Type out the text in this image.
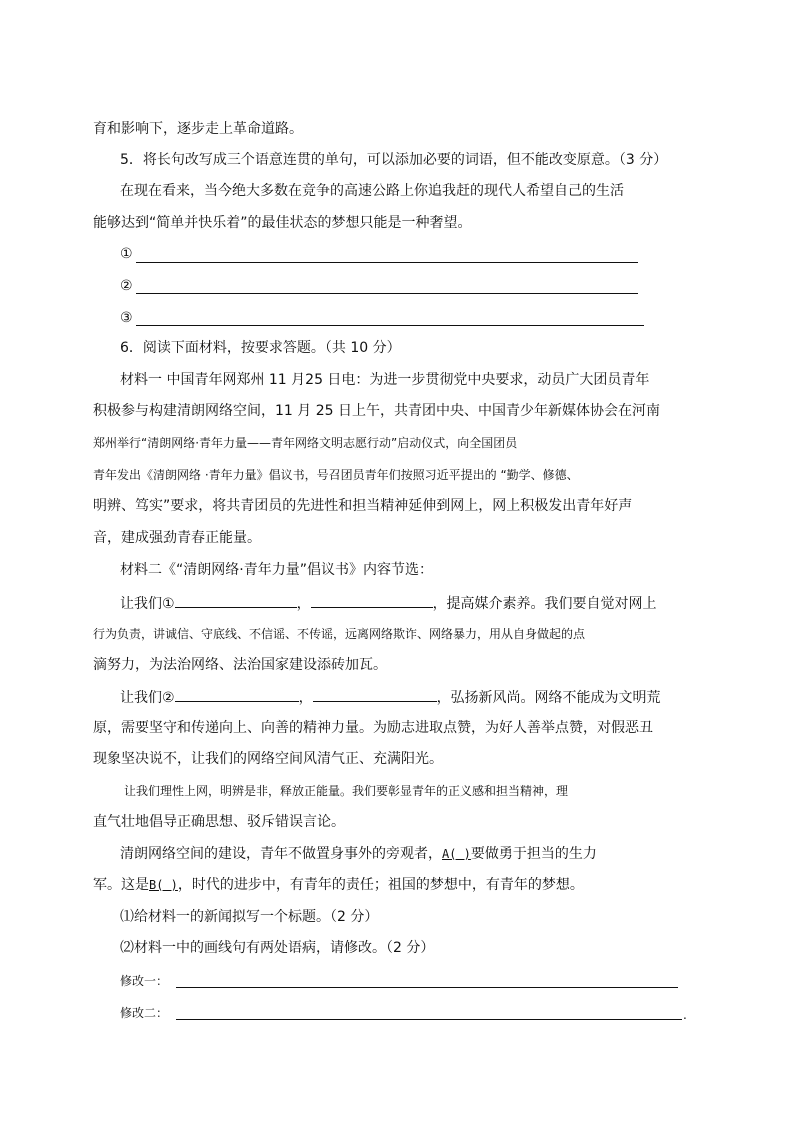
育和影响下，逐步走上革命道路。
5．将长句改写成三个语意连贯的单句，可以添加必要的词语，但不能改变原意。（3 分）
在现在看来，当今绝大多数在竞争的高速公路上你追我赶的现代人希望自己的生活
能够达到“简单并快乐着”的最佳状态的梦想只能是一种奢望。
①
②
③
6．阅读下面材料，按要求答题。（共 10 分）
材料一 中国青年网郑州 11 月25 日电：为进一步贯彻党中央要求，动员广大团员青年
积极参与构建清朗网络空间，11 月 25 日上午，共青团中央、中国青少年新媒体协会在河南
郑州举行“清朗网络·青年力量——青年网络文明志愿行动”启动仪式，向全国团员
青年发出《清朗网络 ·青年力量》倡议书，号召团员青年们按照习近平提出的 “勤学、修德、
明辨、笃实”要求，将共青团员的先进性和担当精神延伸到网上，网上积极发出青年好声
音，建成强劲青春正能量。
材料二《“清朗网络·青年力量”倡议书》内容节选：
让我们①	，	，提高媒介素养。我们要自觉对网上
行为负责，讲诚信、守底线、不信谣、不传谣，远离网络欺诈、网络暴力，用从自身做起的点
滴努力，为法治网络、法治国家建设添砖加瓦。
让我们②	，	，弘扬新风尚。网络不能成为文明荒
原，需要坚守和传递向上、向善的精神力量。为励志进取点赞，为好人善举点赞，对假恶丑
现象坚决说不，让我们的网络空间风清气正、充满阳光。
让我们理性上网，明辨是非，释放正能量。我们要彰显青年的正义感和担当精神，理
直气壮地倡导正确思想、驳斥错误言论。
清朗网络空间的建设，青年不做置身事外的旁观者，A( )要做勇于担当的生力
军。这是B( )，时代的进步中，有青年的责任；祖国的梦想中，有青年的梦想。
⑴给材料一的新闻拟写一个标题。（2 分）
⑵材料一中的画线句有两处语病，请修改。（2 分）
修改一：
修改二：	.
